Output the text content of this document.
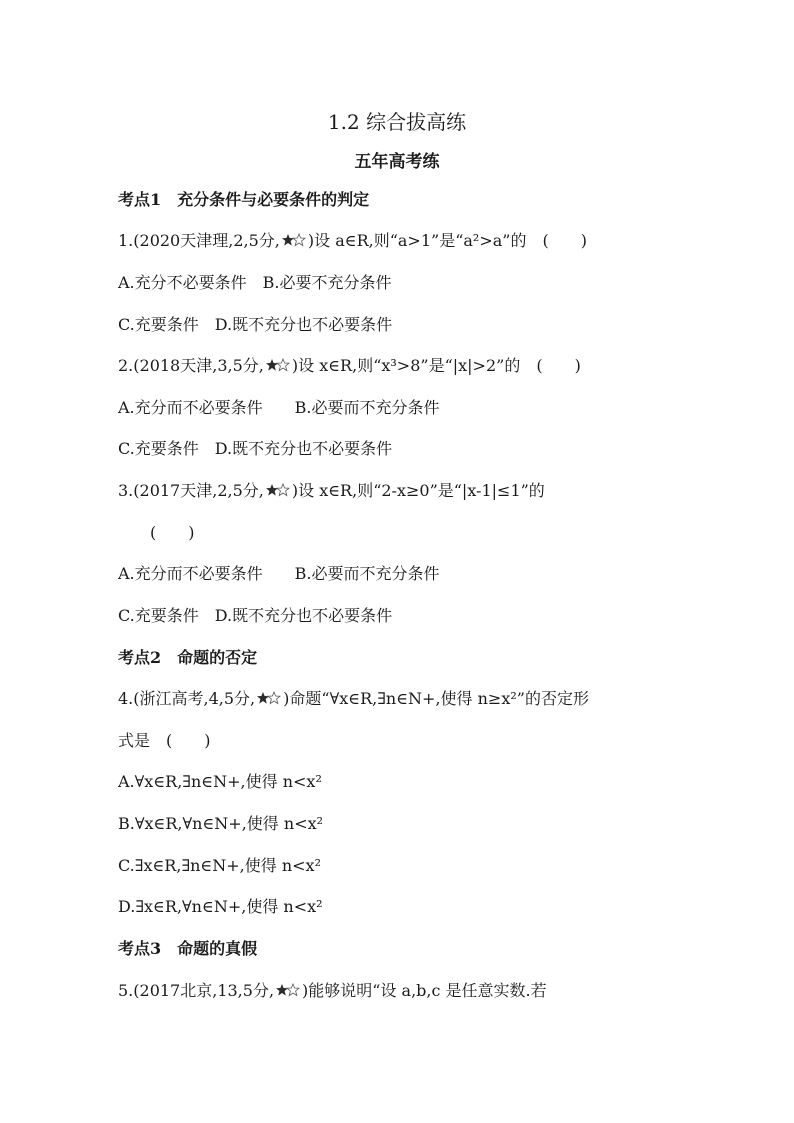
1.2 综合拔高练
五年高考练
考点1　充分条件与必要条件的判定
1.(2020天津理,2,5分, )设 a∈R,则“a>1”是“a²>a”的　(　　)
A.充分不必要条件　B.必要不充分条件
C.充要条件　D.既不充分也不必要条件
2.(2018天津,3,5分, )设 x∈R,则“x³>8”是“|x|>2”的　(　　)
A.充分而不必要条件　　B.必要而不充分条件
C.充要条件　D.既不充分也不必要条件
3.(2017天津,2,5分, )设 x∈R,则“2-x≥0”是“|x-1|≤1”的
(　　)
A.充分而不必要条件　　B.必要而不充分条件
C.充要条件　D.既不充分也不必要条件
考点2　命题的否定
4.(浙江高考,4,5分, )命题“∀x∈R,∃n∈N+,使得 n≥x²”的否定形
式是　(　　)
A.∀x∈R,∃n∈N+,使得 n<x²
B.∀x∈R,∀n∈N+,使得 n<x²
C.∃x∈R,∃n∈N+,使得 n<x²
D.∃x∈R,∀n∈N+,使得 n<x²
考点3　命题的真假
5.(2017北京,13,5分, )能够说明“设 a,b,c 是任意实数.若
